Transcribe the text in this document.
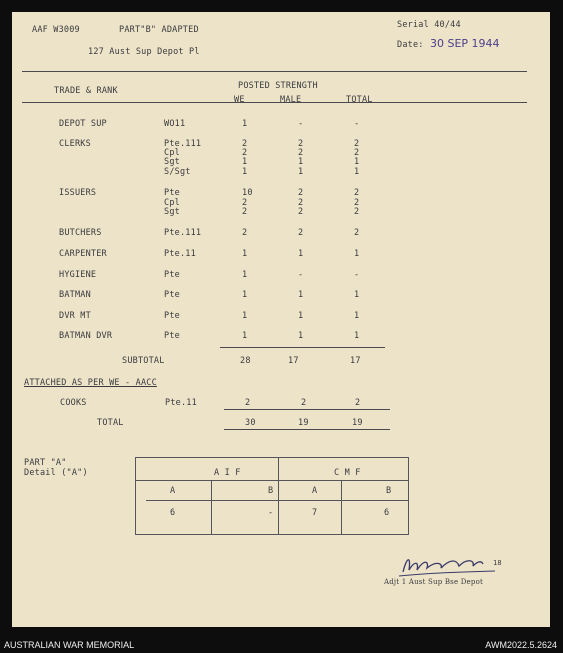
AAF W3009	PART"B" ADAPTED
127 Aust Sup Depot Pl
Serial 40/44
Date: 30 SEP 1944
POSTED STRENGTH
TRADE & RANK
WE	MALE	TOTAL
DEPOT SUP	WO11	1	-	-
CLERKS	Pte.111	2	2	2
Cpl	2	2	2
Sgt	1	1	1
S/Sgt	1	1	1
ISSUERS	Pte	10	2	2
Cpl	2	2	2
Sgt	2	2	2
BUTCHERS	Pte.111	2	2	2
CARPENTER	Pte.11	1	1	1
HYGIENE	Pte	1	-	-
BATMAN	Pte	1	1	1
DVR MT	Pte	1	1	1
BATMAN DVR	Pte	1	1	1
SUBTOTAL	28	17	17
ATTACHED AS PER WE - AACC
COOKS	Pte.11	2	2	2
TOTAL	30	19	19
PART "A"
Detail ("A")	A I F	C M F
A	B	A	B
6	-	7	6
18
Adjt 1 Aust Sup Bse Depot
AUSTRALIAN WAR MEMORIAL	AWM2022.5.2624
